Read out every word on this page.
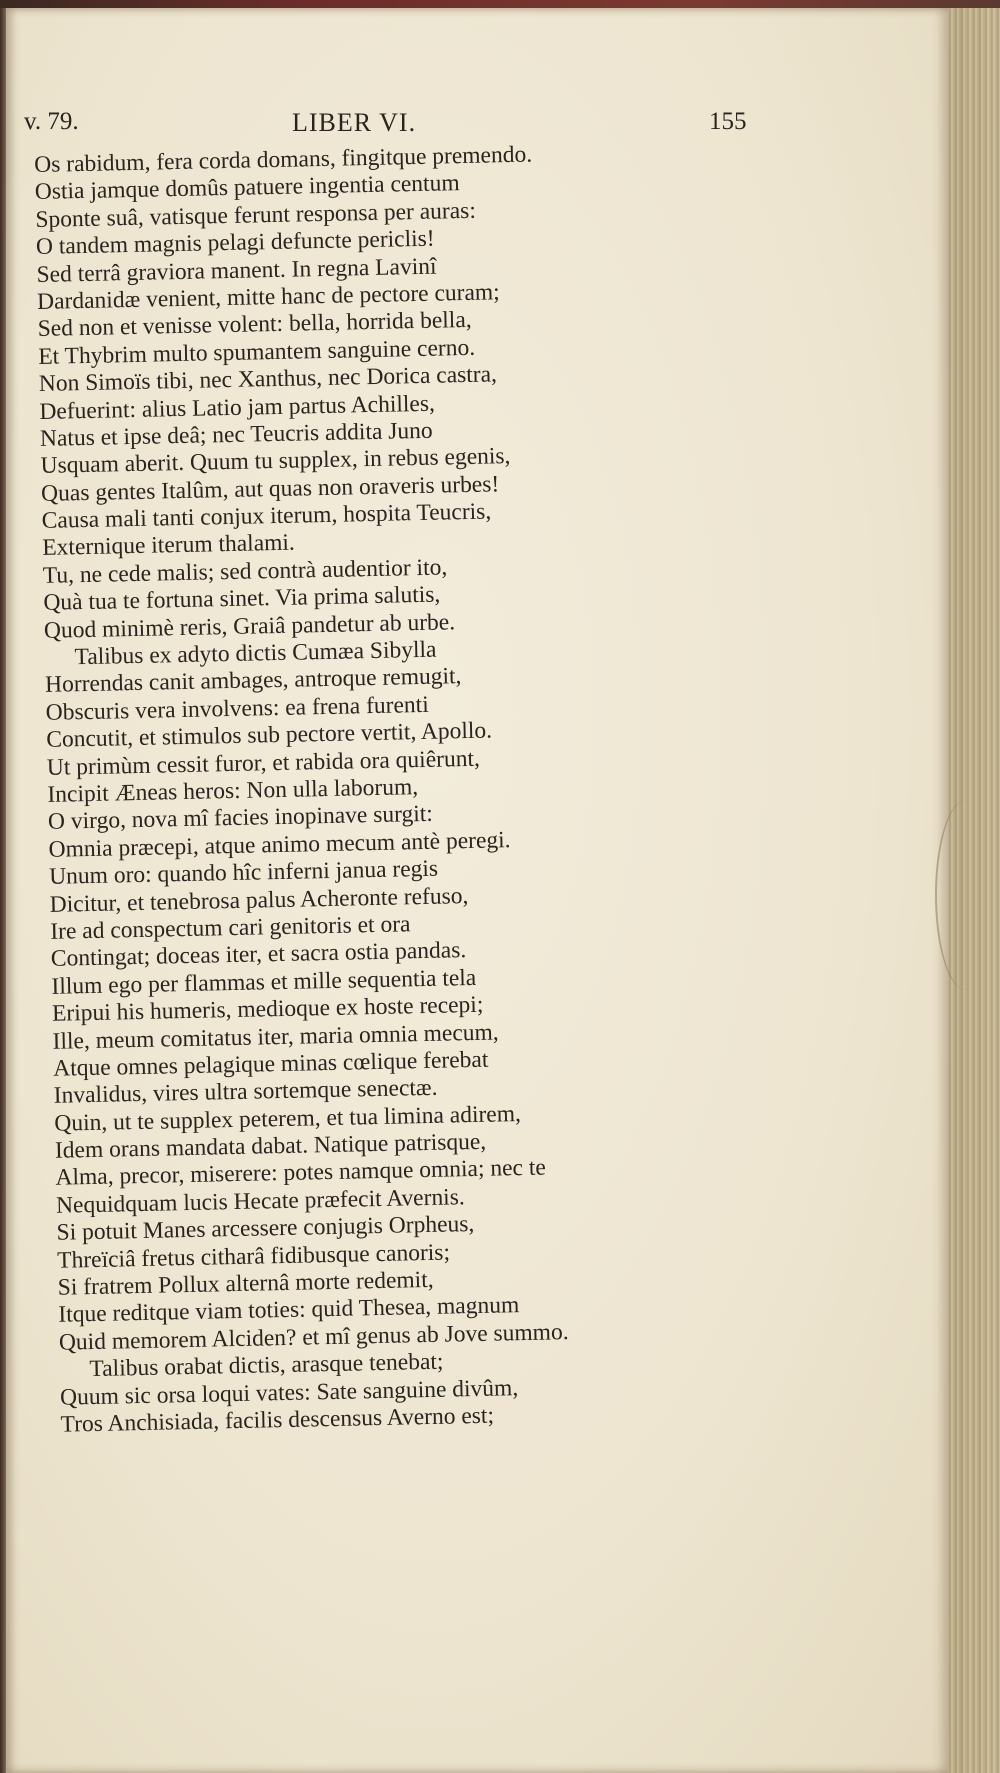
v. 79.	LIBER VI.	155
Os rabidum, fera corda domans, fingitque premendo.
Ostia jamque domûs patuere ingentia centum
Sponte suâ, vatisque ferunt responsa per auras:
O tandem magnis pelagi defuncte periclis!
Sed terrâ graviora manent. In regna Lavinî
Dardanidæ venient, mitte hanc de pectore curam;
Sed non et venisse volent: bella, horrida bella,
Et Thybrim multo spumantem sanguine cerno.
Non Simoïs tibi, nec Xanthus, nec Dorica castra,
Defuerint: alius Latio jam partus Achilles,
Natus et ipse deâ; nec Teucris addita Juno
Usquam aberit. Quum tu supplex, in rebus egenis,
Quas gentes Italûm, aut quas non oraveris urbes!
Causa mali tanti conjux iterum, hospita Teucris,
Externique iterum thalami.
Tu, ne cede malis; sed contrà audentior ito,
Quà tua te fortuna sinet. Via prima salutis,
Quod minimè reris, Graiâ pandetur ab urbe.
Talibus ex adyto dictis Cumæa Sibylla
Horrendas canit ambages, antroque remugit,
Obscuris vera involvens: ea frena furenti
Concutit, et stimulos sub pectore vertit, Apollo.
Ut primùm cessit furor, et rabida ora quiêrunt,
Incipit Æneas heros: Non ulla laborum,
O virgo, nova mî facies inopinave surgit:
Omnia præcepi, atque animo mecum antè peregi.
Unum oro: quando hîc inferni janua regis
Dicitur, et tenebrosa palus Acheronte refuso,
Ire ad conspectum cari genitoris et ora
Contingat; doceas iter, et sacra ostia pandas.
Illum ego per flammas et mille sequentia tela
Eripui his humeris, medioque ex hoste recepi;
Ille, meum comitatus iter, maria omnia mecum,
Atque omnes pelagique minas cœlique ferebat
Invalidus, vires ultra sortemque senectæ.
Quin, ut te supplex peterem, et tua limina adirem,
Idem orans mandata dabat. Natique patrisque,
Alma, precor, miserere: potes namque omnia; nec te
Nequidquam lucis Hecate præfecit Avernis.
Si potuit Manes arcessere conjugis Orpheus,
Threïciâ fretus citharâ fidibusque canoris;
Si fratrem Pollux alternâ morte redemit,
Itque reditque viam toties: quid Thesea, magnum
Quid memorem Alciden? et mî genus ab Jove summo.
Talibus orabat dictis, arasque tenebat;
Quum sic orsa loqui vates: Sate sanguine divûm,
Tros Anchisiada, facilis descensus Averno est;
